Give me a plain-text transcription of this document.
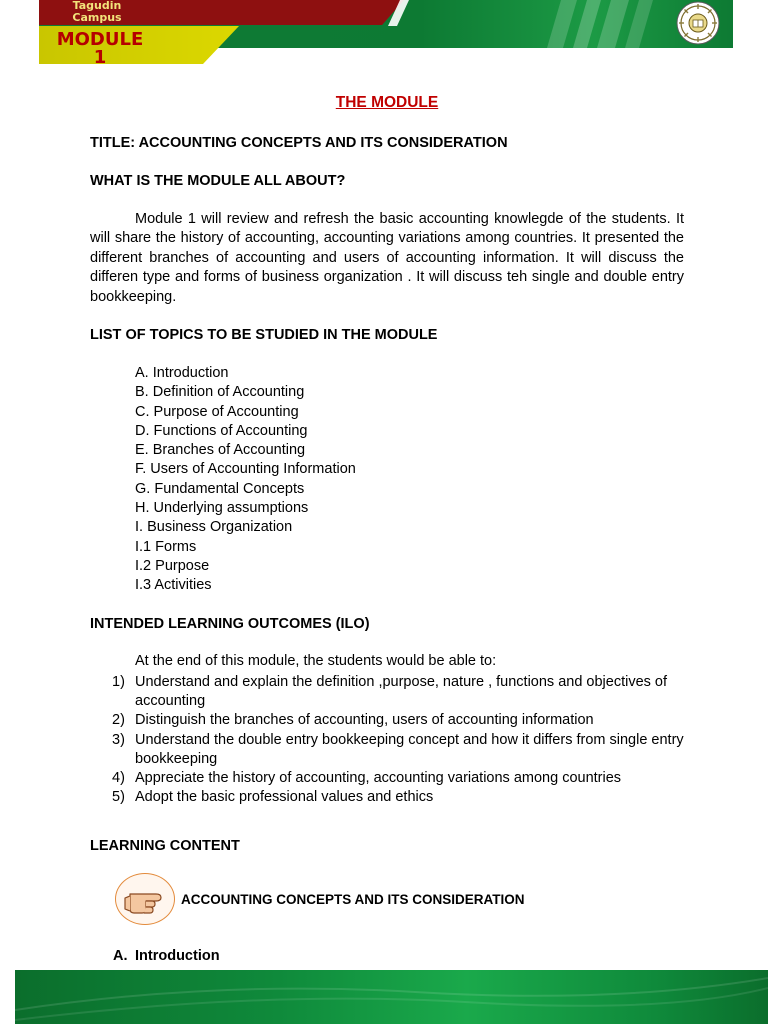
Tagudin Campus
MODULE 1
THE MODULE
TITLE: ACCOUNTING CONCEPTS AND ITS CONSIDERATION
WHAT IS THE MODULE ALL ABOUT?
Module 1 will review and refresh the basic accounting knowlegde of the students. It will share the history of accounting, accounting variations among countries. It presented the different branches of accounting and users of accounting information. It will discuss the differen type and forms of business organization . It will discuss teh single and double entry bookkeeping.
LIST OF TOPICS TO BE STUDIED IN THE MODULE
A. Introduction
B. Definition of Accounting
C. Purpose of Accounting
D. Functions of Accounting
E. Branches of Accounting
F. Users of Accounting Information
G. Fundamental Concepts
H. Underlying assumptions
I. Business Organization
I.1 Forms
I.2 Purpose
I.3 Activities
INTENDED LEARNING OUTCOMES (ILO)
At the end of this module, the students would be able to:
1) Understand and explain the definition ,purpose, nature , functions and objectives of accounting
2) Distinguish the branches of accounting, users of accounting information
3) Understand the double entry bookkeeping concept and how it differs from single entry bookkeeping
4) Appreciate the history of accounting, accounting variations among countries
5) Adopt the basic professional values and ethics
LEARNING CONTENT
ACCOUNTING CONCEPTS AND ITS CONSIDERATION
A. Introduction
